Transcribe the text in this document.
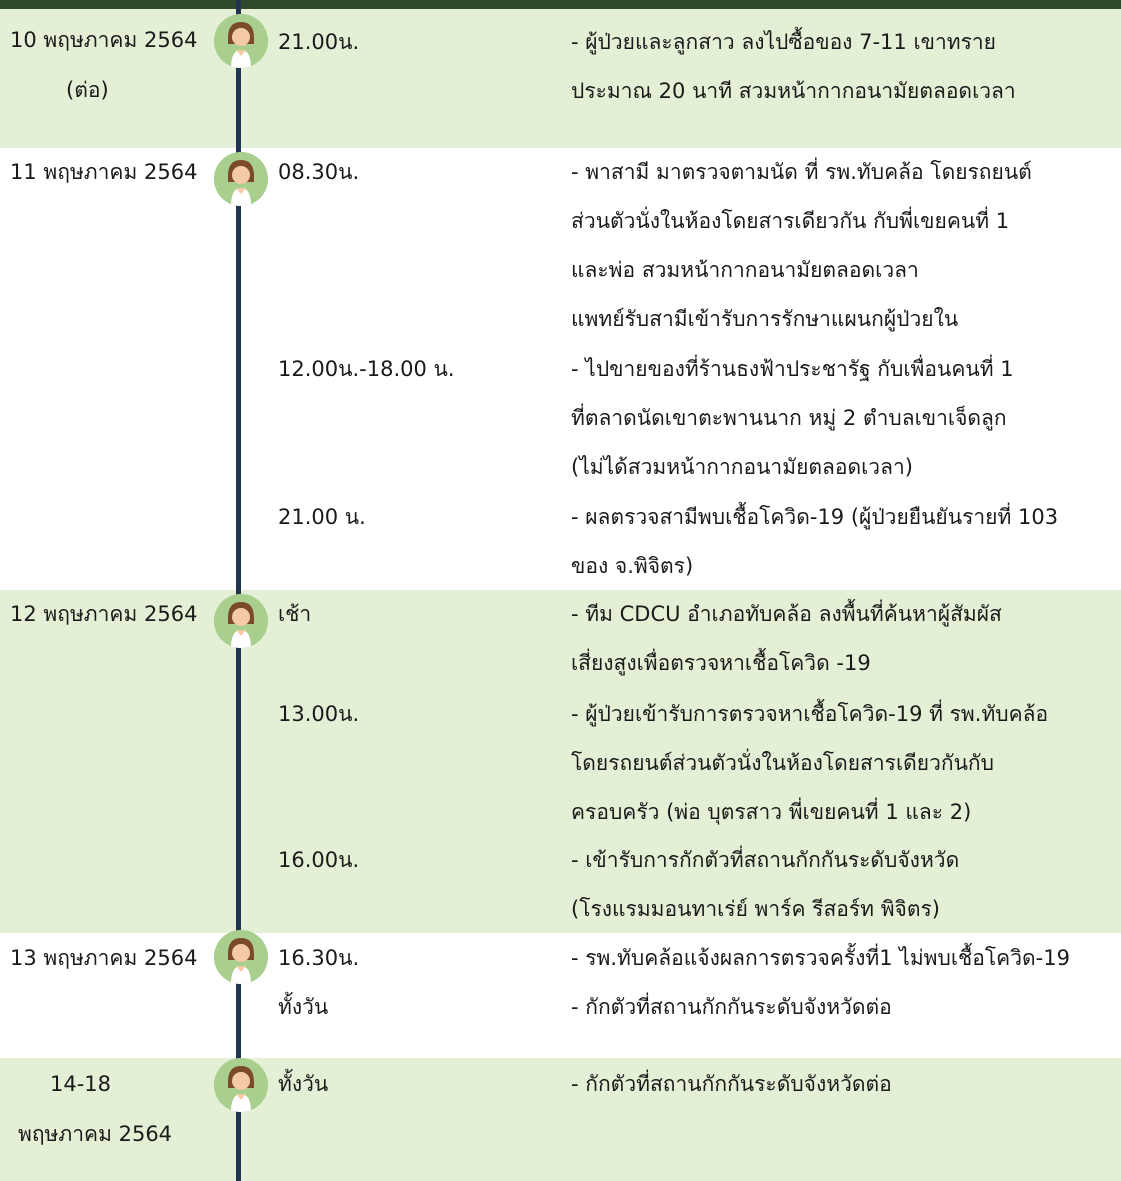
10 พฤษภาคม 2564
(ต่อ)
11 พฤษภาคม 2564
12 พฤษภาคม 2564
13 พฤษภาคม 2564
14-18
พฤษภาคม 2564
21.00น.
08.30น.
12.00น.-18.00 น.
21.00 น.
เช้า
13.00น.
16.00น.
16.30น.
ทั้งวัน
ทั้งวัน
- ผู้ป่วยและลูกสาว ลงไปซื้อของ 7-11 เขาทราย
ประมาณ 20 นาที สวมหน้ากากอนามัยตลอดเวลา
- พาสามี มาตรวจตามนัด ที่ รพ.ทับคล้อ โดยรถยนต์
ส่วนตัวนั่งในห้องโดยสารเดียวกัน กับพี่เขยคนที่ 1
และพ่อ สวมหน้ากากอนามัยตลอดเวลา
แพทย์รับสามีเข้ารับการรักษาแผนกผู้ป่วยใน
- ไปขายของที่ร้านธงฟ้าประชารัฐ กับเพื่อนคนที่ 1
ที่ตลาดนัดเขาตะพานนาก หมู่ 2 ตำบลเขาเจ็ดลูก
(ไม่ได้สวมหน้ากากอนามัยตลอดเวลา)
- ผลตรวจสามีพบเชื้อโควิด-19 (ผู้ป่วยยืนยันรายที่ 103
ของ จ.พิจิตร)
- ทีม CDCU อำเภอทับคล้อ ลงพื้นที่ค้นหาผู้สัมผัส
เสี่ยงสูงเพื่อตรวจหาเชื้อโควิด -19
- ผู้ป่วยเข้ารับการตรวจหาเชื้อโควิด-19 ที่ รพ.ทับคล้อ
โดยรถยนต์ส่วนตัวนั่งในห้องโดยสารเดียวกันกับ
ครอบครัว (พ่อ บุตรสาว พี่เขยคนที่ 1 และ 2)
- เข้ารับการกักตัวที่สถานกักกันระดับจังหวัด
(โรงแรมมอนทาเร่ย์ พาร์ค รีสอร์ท พิจิตร)
- รพ.ทับคล้อแจ้งผลการตรวจครั้งที่1 ไม่พบเชื้อโควิด-19
- กักตัวที่สถานกักกันระดับจังหวัดต่อ
- กักตัวที่สถานกักกันระดับจังหวัดต่อ
